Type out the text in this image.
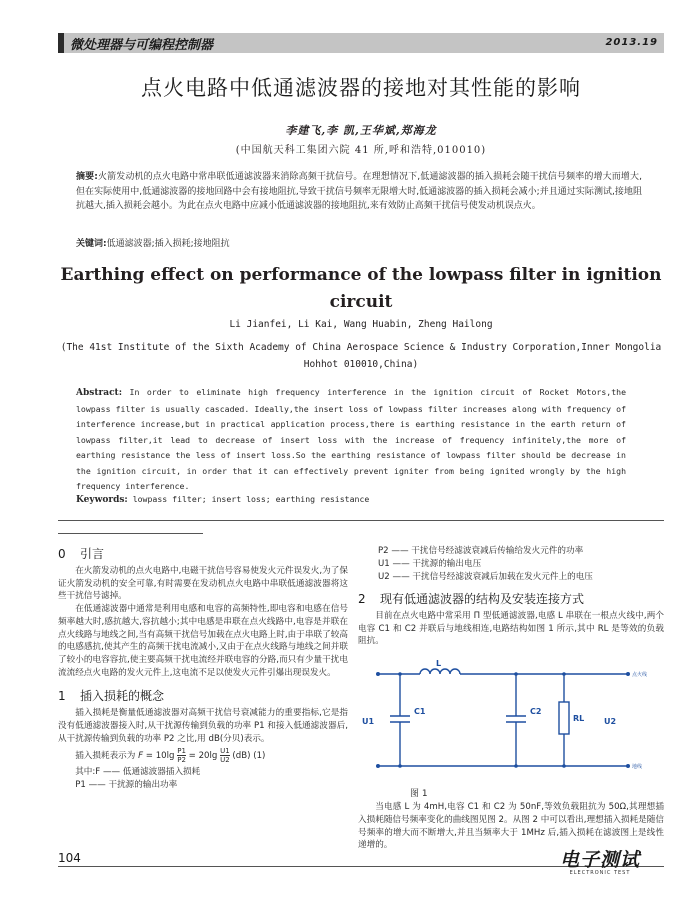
微处理器与可编程控制器	2013.19
点火电路中低通滤波器的接地对其性能的影响
李建飞,李 凯,王华斌,郑海龙
(中国航天科工集团六院 41 所,呼和浩特,010010)
摘要:火箭发动机的点火电路中常串联低通滤波器来消除高频干扰信号。在理想情况下,低通滤波器的插入损耗会随干扰信号频率的增大而增大,但在实际使用中,低通滤波器的接地回路中会有接地阻抗,导致干扰信号频率无限增大时,低通滤波器的插入损耗会减小;并且通过实际测试,接地阻抗越大,插入损耗会越小。为此在点火电路中应减小低通滤波器的接地阻抗,来有效防止高频干扰信号使发动机误点火。
关键词:低通滤波器;插入损耗;接地阻抗
Earthing effect on performance of the lowpass filter in ignition circuit
Li Jianfei, Li Kai, Wang Huabin, Zheng Hailong
(The 41st Institute of the Sixth Academy of China Aerospace Science & Industry Corporation,Inner Mongolia Hohhot 010010,China)
Abstract: In order to eliminate high frequency interference in the ignition circuit of Rocket Motors,the lowpass filter is usually cascaded. Ideally,the insert loss of lowpass filter increases along with frequency of interference increase,but in practical application process,there is earthing resistance in the earth return of lowpass filter,it lead to decrease of insert loss with the increase of frequency infinitely,the more of earthing resistance the less of insert loss.So the earthing resistance of lowpass filter should be decrease in the ignition circuit, in order that it can effectively prevent igniter from being ignited wrongly by the high frequency interference.
Keywords: lowpass filter; insert loss; earthing resistance
0 引言

在火箭发动机的点火电路中,电磁干扰信号容易使发火元件误发火,为了保证火箭发动机的安全可靠,有时需要在发动机点火电路中串联低通滤波器将这些干扰信号滤掉。

在低通滤波器中通常是利用电感和电容的高频特性,即电容和电感在信号频率越大时,感抗越大,容抗越小;其中电感是串联在点火线路中,电容是并联在点火线路与地线之间,当有高频干扰信号加载在点火电路上时,由于串联了较高的电感感抗,使其产生的高频干扰电流减小,又由于在点火线路与地线之间并联了较小的电容容抗,使主要高频干扰电流经并联电容的分路,而只有少量干扰电流流经点火电路的发火元件上,这电流不足以使发火元件引爆出现误发火。

1 插入损耗的概念

插入损耗是衡量低通滤波器对高频干扰信号衰减能力的重要指标,它是指没有低通滤波器接入时,从干扰源传输到负载的功率 P1 和接入低通滤波器后,从干扰源传输到负载的功率 P2 之比,用 dB(分贝)表示。

插入损耗表示为 $F = 10\lg \frac{P1}{P2} = 20\lg \frac{U1}{U2} (dB)$ (1)
其中:F —— 低通滤波器插入损耗
P1 —— 干扰源的输出功率
P2 —— 干扰信号经滤波衰减后传输给发火元件的功率
U1 —— 干扰源的输出电压
U2 —— 干扰信号经滤波衰减后加载在发火元件上的电压
2 现有低通滤波器的结构及安装连接方式

目前在点火电路中常采用 Π 型低通滤波器,电感 L 串联在一根点火线中,两个电容 C1 和 C2 并联后与地线相连,电路结构如图 1 所示,其中 RL 是等效的负载阻抗。

L
C1	C2
RL
U1	U2
点火线
地线
图 1

当电感 L 为 4mH,电容 C1 和 C2 为 50nF,等效负载阻抗为 50Ω,其理想插入损耗随信号频率变化的曲线图见图 2。从图 2 中可以看出,理想插入损耗是随信号频率的增大而不断增大,并且当频率大于 1MHz 后,插入损耗在滤波图上是线性递增的。

104	电子测试
ELECTRONIC TEST
